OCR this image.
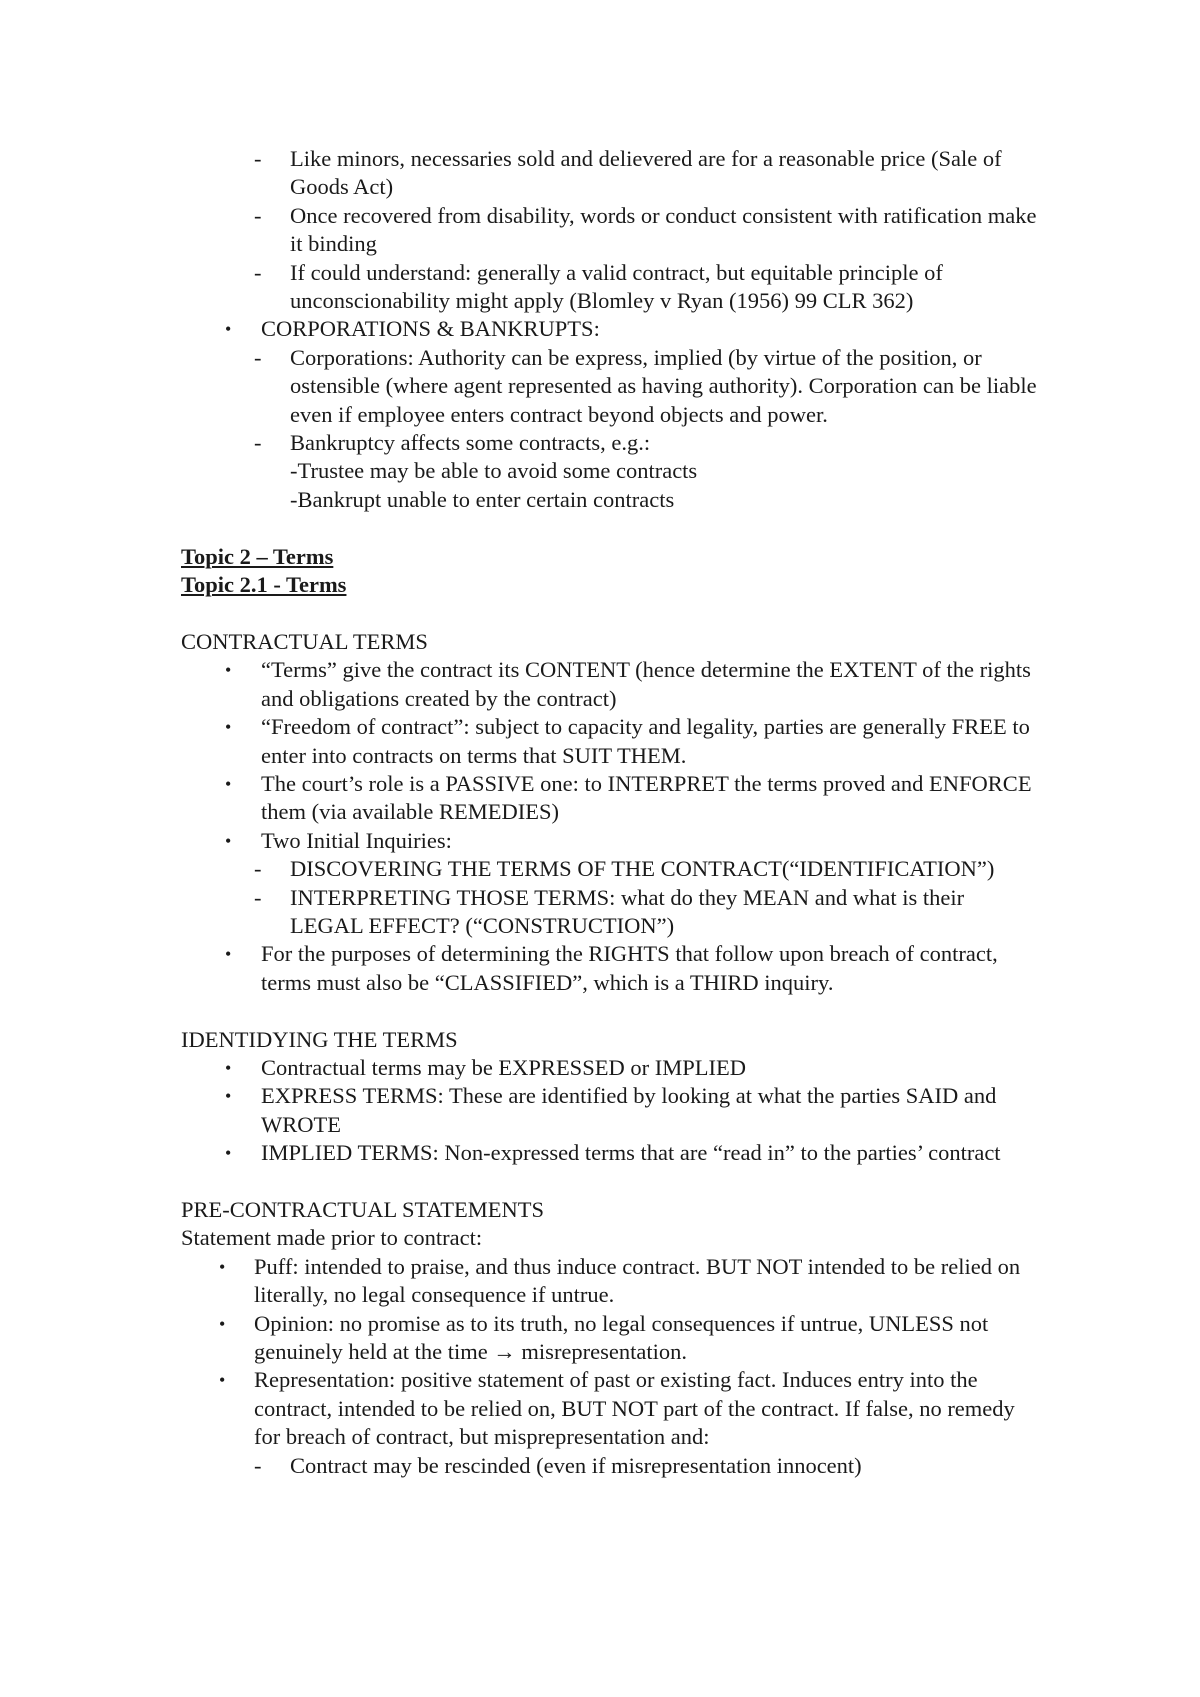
- Like minors, necessaries sold and delievered are for a reasonable price (Sale of Goods Act)
- Once recovered from disability, words or conduct consistent with ratification make it binding
- If could understand: generally a valid contract, but equitable principle of unconscionability might apply (Blomley v Ryan (1956) 99 CLR 362)
• CORPORATIONS & BANKRUPTS:
- Corporations: Authority can be express, implied (by virtue of the position, or ostensible (where agent represented as having authority). Corporation can be liable even if employee enters contract beyond objects and power.
- Bankruptcy affects some contracts, e.g.:
-Trustee may be able to avoid some contracts
-Bankrupt unable to enter certain contracts
Topic 2 – Terms
Topic 2.1 - Terms
CONTRACTUAL TERMS
• “Terms” give the contract its CONTENT (hence determine the EXTENT of the rights and obligations created by the contract)
• “Freedom of contract”: subject to capacity and legality, parties are generally FREE to enter into contracts on terms that SUIT THEM.
• The court’s role is a PASSIVE one: to INTERPRET the terms proved and ENFORCE them (via available REMEDIES)
• Two Initial Inquiries:
- DISCOVERING THE TERMS OF THE CONTRACT(“IDENTIFICATION”)
- INTERPRETING THOSE TERMS: what do they MEAN and what is their LEGAL EFFECT? (“CONSTRUCTION”)
• For the purposes of determining the RIGHTS that follow upon breach of contract, terms must also be “CLASSIFIED”, which is a THIRD inquiry.
IDENTIDYING THE TERMS
• Contractual terms may be EXPRESSED or IMPLIED
• EXPRESS TERMS: These are identified by looking at what the parties SAID and WROTE
• IMPLIED TERMS: Non-expressed terms that are “read in” to the parties’ contract
PRE-CONTRACTUAL STATEMENTS
Statement made prior to contract:
• Puff: intended to praise, and thus induce contract. BUT NOT intended to be relied on literally, no legal consequence if untrue.
• Opinion: no promise as to its truth, no legal consequences if untrue, UNLESS not genuinely held at the time → misrepresentation.
• Representation: positive statement of past or existing fact. Induces entry into the contract, intended to be relied on, BUT NOT part of the contract. If false, no remedy for breach of contract, but misprepresentation and:
- Contract may be rescinded (even if misrepresentation innocent)
